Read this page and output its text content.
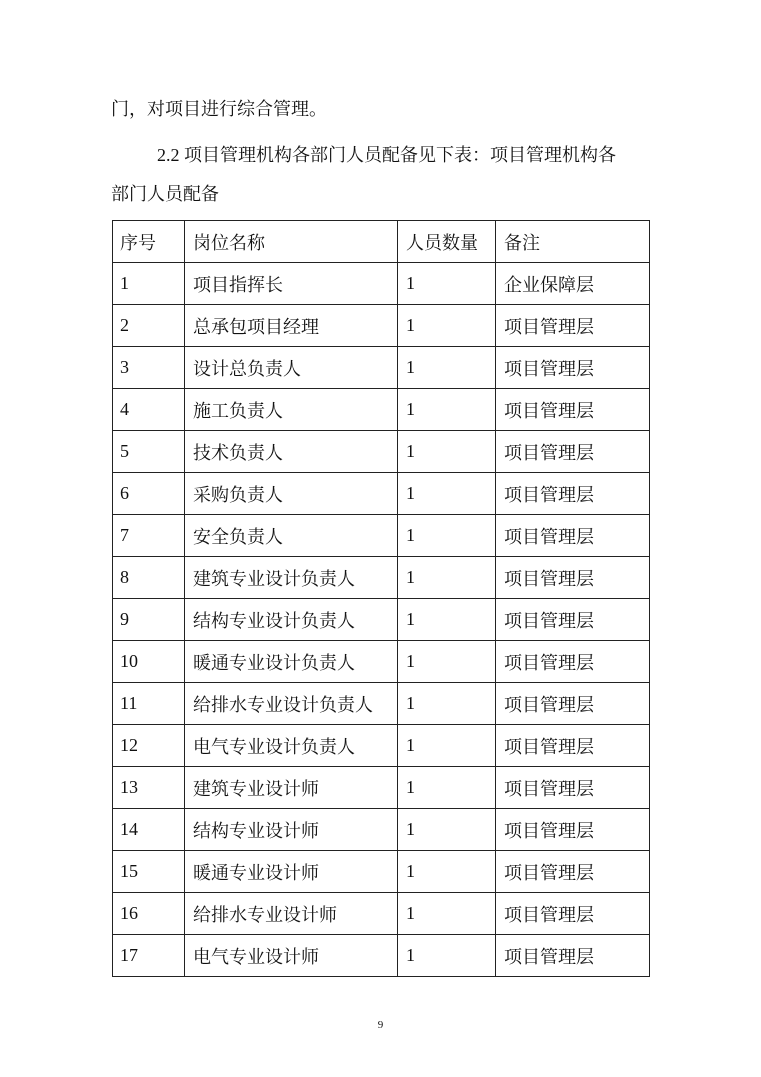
门，对项目进行综合管理。

2.2 项目管理机构各部门人员配备见下表：项目管理机构各

部门人员配备

序号	岗位名称	人员数量	备注
1	项目指挥长	1	企业保障层
2	总承包项目经理	1	项目管理层
3	设计总负责人	1	项目管理层
4	施工负责人	1	项目管理层
5	技术负责人	1	项目管理层
6	采购负责人	1	项目管理层
7	安全负责人	1	项目管理层
8	建筑专业设计负责人	1	项目管理层
9	结构专业设计负责人	1	项目管理层
10	暖通专业设计负责人	1	项目管理层
11	给排水专业设计负责人	1	项目管理层
12	电气专业设计负责人	1	项目管理层
13	建筑专业设计师	1	项目管理层
14	结构专业设计师	1	项目管理层
15	暖通专业设计师	1	项目管理层
16	给排水专业设计师	1	项目管理层
17	电气专业设计师	1	项目管理层
9
